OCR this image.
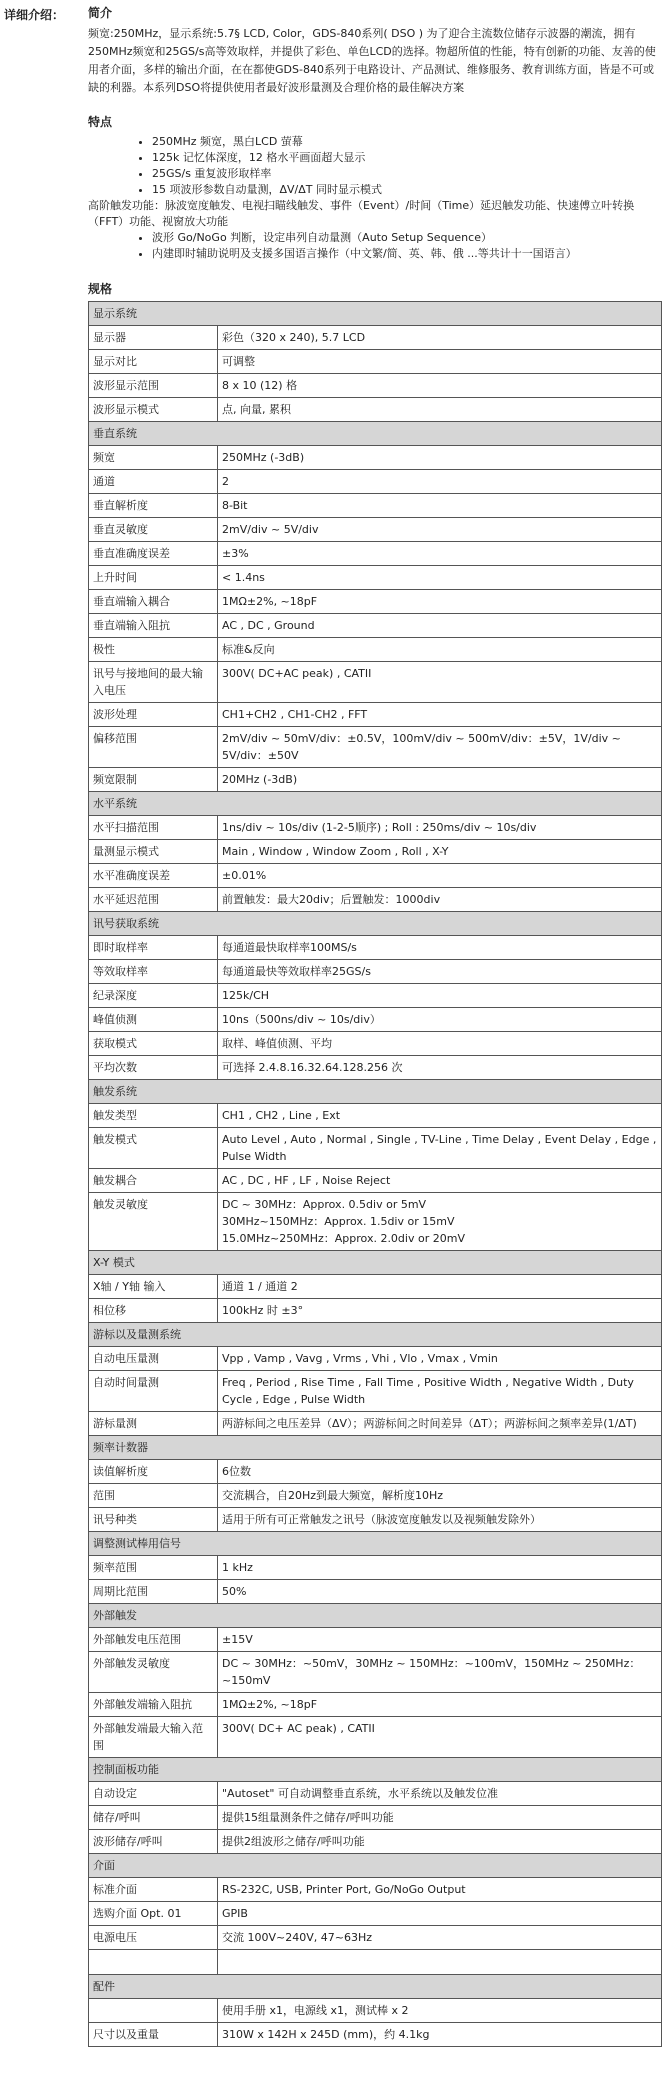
详细介绍： 简介

频宽:250MHz，显示系统:5.7§ LCD, Color，GDS-840系列( DSO ) 为了迎合主流数位储存示波器的潮流，拥有250MHz频宽和25GS/s高等效取样，并提供了彩色、单色LCD的选择。物超所值的性能，特有创新的功能、友善的使用者介面，多样的输出介面，在在都使GDS-840系列于电路设计、产品测试、维修服务、教育训练方面，皆是不可或缺的利器。本系列DSO将提供使用者最好波形量测及合理价格的最佳解决方案

特点
• 250MHz 频宽，黑白LCD 萤幕
• 125k 记忆体深度，12 格水平画面超大显示
• 25GS/s 重复波形取样率
• 15 项波形参数自动量测，ΔV/ΔT 同时显示模式

高阶触发功能：脉波宽度触发、电视扫瞄线触发、事件（Event）/时间（Time）延迟触发功能、快速傅立叶转换（FFT）功能、视窗放大功能

• 波形 Go/NoGo 判断，设定串列自动量测（Auto Setup Sequence）
• 内建即时辅助说明及支援多国语言操作（中文繁/简、英、韩、俄 ...等共计十一国语言）
规格
显示系统	
显示器	彩色（320 x 240), 5.7 LCD
显示对比	可调整
波形显示范围	8 x 10 (12) 格
波形显示模式	点, 向量, 累积
垂直系统	
频宽	250MHz (-3dB)
通道	2
垂直解析度	8-Bit
垂直灵敏度	2mV/div ~ 5V/div
垂直准确度误差	±3%
上升时间	< 1.4ns
垂直端输入耦合	1MΩ±2%, ~18pF
垂直端输入阻抗	AC , DC , Ground
极性	标准&反向
讯号与接地间的最大输入电压	300V( DC+AC peak) , CATII
波形处理	CH1+CH2 , CH1-CH2 , FFT
偏移范围	2mV/div ~ 50mV/div：±0.5V，100mV/div ~ 500mV/div：±5V，1V/div ~ 5V/div：±50V
频宽限制	20MHz (-3dB)
水平系统	
水平扫描范围	1ns/div ~ 10s/div (1-2-5顺序) ; Roll : 250ms/div ~ 10s/div
量测显示模式	Main , Window , Window Zoom , Roll , X-Y
水平准确度误差	±0.01%
水平延迟范围	前置触发：最大20div；后置触发：1000div
讯号获取系统	
即时取样率	每通道最快取样率100MS/s
等效取样率	每通道最快等效取样率25GS/s
纪录深度	125k/CH
峰值侦测	10ns（500ns/div ~ 10s/div）
获取模式	取样、峰值侦测、平均
平均次数	可选择 2.4.8.16.32.64.128.256 次
触发系统	
触发类型	CH1 , CH2 , Line , Ext
触发模式	Auto Level , Auto , Normal , Single , TV-Line , Time Delay , Event Delay , Edge , Pulse Width
触发耦合	AC , DC , HF , LF , Noise Reject
触发灵敏度	DC ~ 30MHz：Approx. 0.5div or 5mV
30MHz~150MHz：Approx. 1.5div or 15mV
15.0MHz~250MHz：Approx. 2.0div or 20mV
X-Y 模式	
X轴 / Y轴 输入	通道 1 / 通道 2
相位移	100kHz 时 ±3°
游标以及量测系统	
自动电压量测	Vpp , Vamp , Vavg , Vrms , Vhi , Vlo , Vmax , Vmin
自动时间量测	Freq , Period , Rise Time , Fall Time , Positive Width , Negative Width , Duty Cycle , Edge , Pulse Width
游标量测	两游标间之电压差异（ΔV）；两游标间之时间差异（ΔT）；两游标间之频率差异(1/ΔT)
频率计数器	
读值解析度	6位数
范围	交流耦合，自20Hz到最大频宽，解析度10Hz
讯号种类	适用于所有可正常触发之讯号（脉波宽度触发以及视频触发除外）
调整测试棒用信号	
频率范围	1 kHz
周期比范围	50%
外部触发	
外部触发电压范围	±15V
外部触发灵敏度	DC ~ 30MHz：~50mV，30MHz ~ 150MHz：~100mV，150MHz ~ 250MHz：~150mV
外部触发端输入阻抗	1MΩ±2%, ~18pF
外部触发端最大输入范围	300V( DC+ AC peak) , CATII
控制面板功能	
自动设定	"Autoset" 可自动调整垂直系统，水平系统以及触发位准
储存/呼叫	提供15组量测条件之储存/呼叫功能
波形储存/呼叫	提供2组波形之储存/呼叫功能
介面	
标准介面	RS-232C, USB, Printer Port, Go/NoGo Output
选购介面 Opt. 01	GPIB
电源电压	交流 100V~240V, 47~63Hz

配件	
	使用手册 x1，电源线 x1，测试棒 x 2
尺寸以及重量	310W x 142H x 245D (mm)，约 4.1kg
